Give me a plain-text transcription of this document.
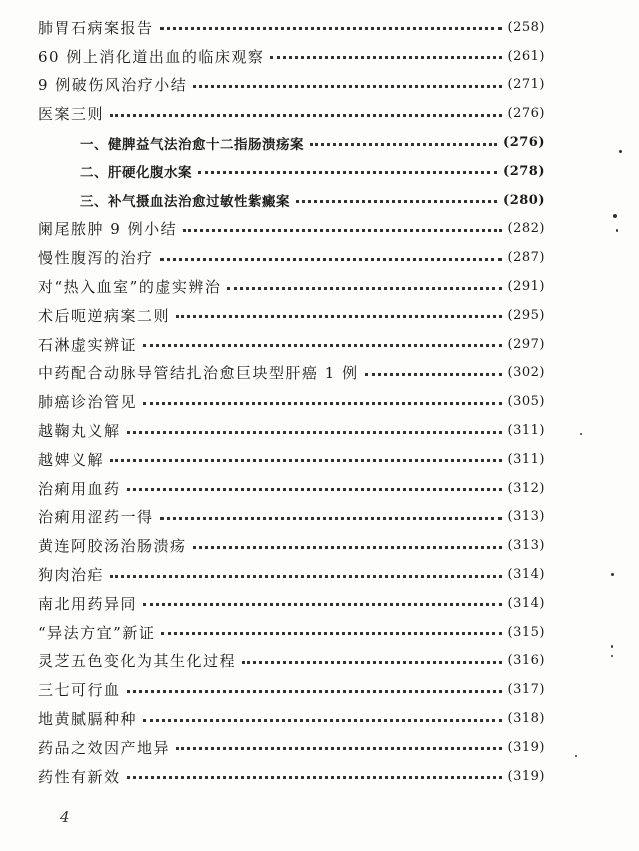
肺胃石病案报告	(258)
60 例上消化道出血的临床观察	(261)
9 例破伤风治疗小结	(271)
医案三则	(276)
一、健脾益气法治愈十二指肠溃疡案	(276)
二、肝硬化腹水案	(278)
三、补气摄血法治愈过敏性紫癜案	(280)
阑尾脓肿 9 例小结	(282)
慢性腹泻的治疗	(287)
对“热入血室”的虚实辨治	(291)
术后呃逆病案二则	(295)
石淋虚实辨证	(297)
中药配合动脉导管结扎治愈巨块型肝癌 1 例	(302)
肺癌诊治管见	(305)
越鞠丸义解	(311)
越婢义解	(311)
治痢用血药	(312)
治痢用涩药一得	(313)
黄连阿胶汤治肠溃疡	(313)
狗肉治疟	(314)
南北用药异同	(314)
“异法方宜”新证	(315)
灵芝五色变化为其生化过程	(316)
三七可行血	(317)
地黄腻膈种种	(318)
药品之效因产地异	(319)
药性有新效	(319)
4
